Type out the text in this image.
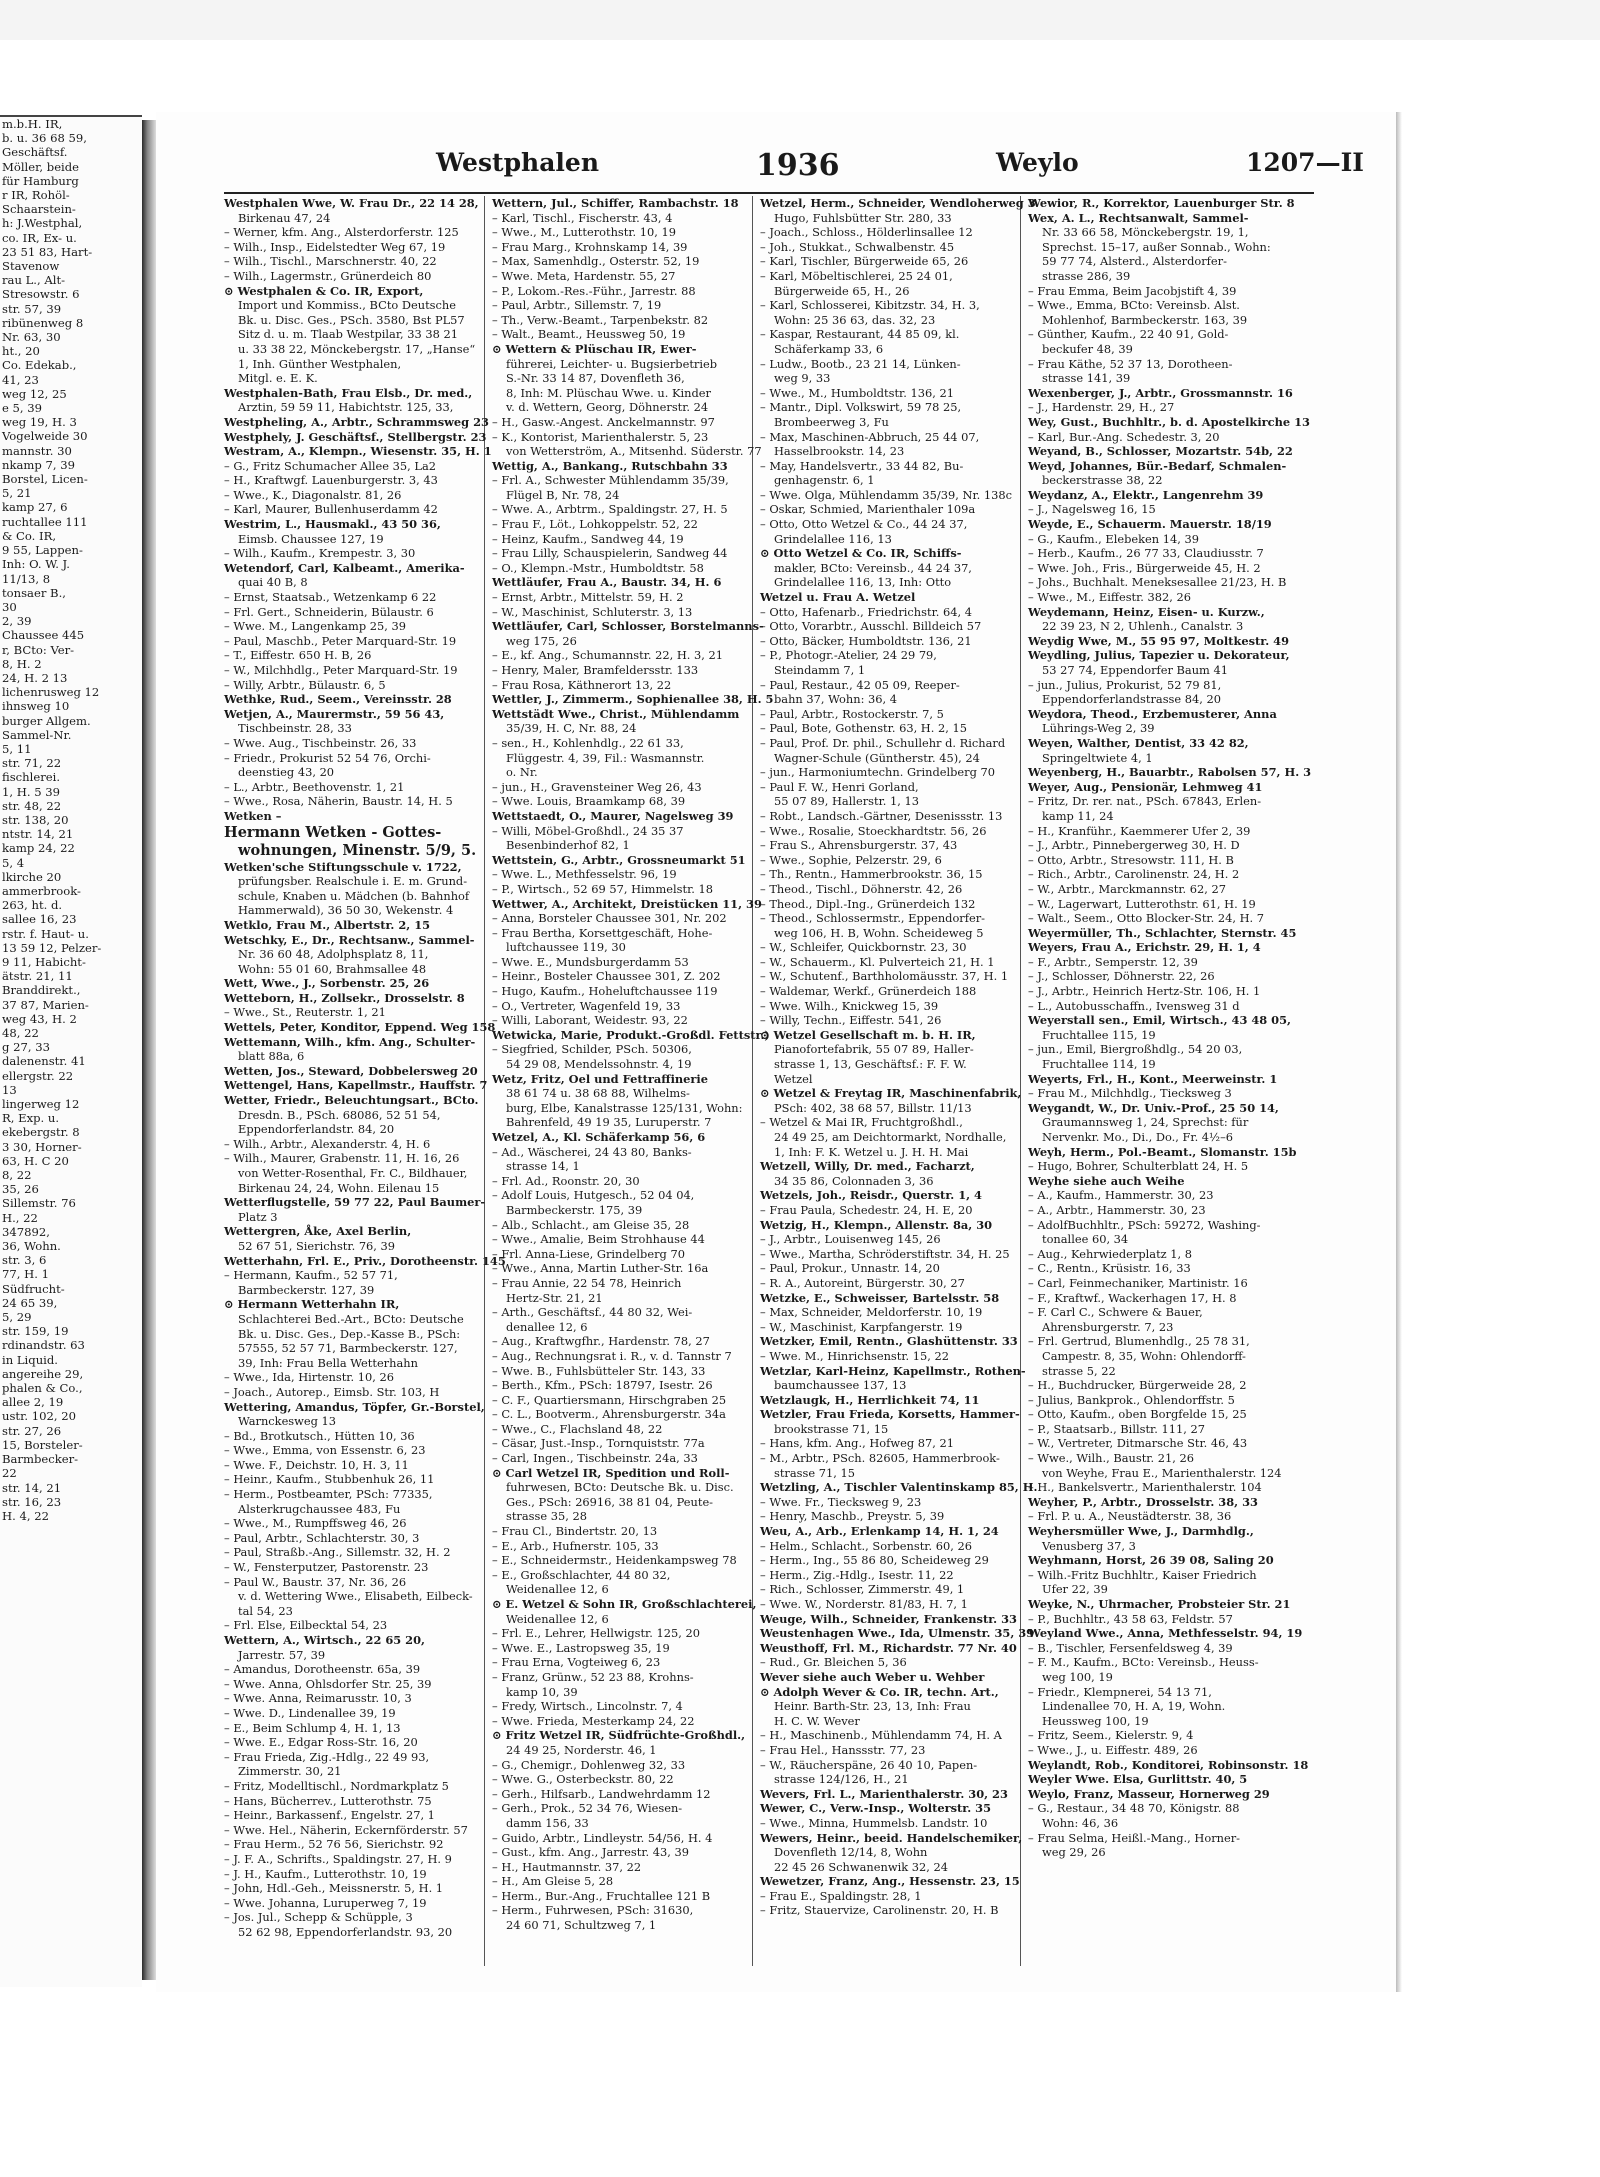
m.b.H. IR,
b. u. 36 68 59,
Geschäftsf.
Möller, beide
für Hamburg
r IR, Rohöl-
Schaarstein-
h: J.Westphal,
co. IR, Ex- u.
23 51 83, Hart-
Stavenow
rau L., Alt-
Stresowstr. 6
str. 57, 39
ribünenweg 8
Nr. 63, 30
ht., 20
Co. Edekab.,
41, 23
weg 12, 25
e 5, 39
weg 19, H. 3
Vogelweide 30
mannstr. 30
nkamp 7, 39
Borstel, Licen-
5, 21
kamp 27, 6
ruchtallee 111
& Co. IR,
9 55, Lappen-
Inh: O. W. J.
11/13, 8
tonsaer B.,
30
2, 39
Chaussee 445
r, BCto: Ver-
8, H. 2
24, H. 2 13
lichenrusweg 12
ihnsweg 10
burger Allgem.
Sammel-Nr.
5, 11
str. 71, 22
fischlerei.
1, H. 5 39
str. 48, 22
str. 138, 20
ntstr. 14, 21
kamp 24, 22
5, 4
lkirche 20
ammerbrook-
263, ht. d.
sallee 16, 23
rstr. f. Haut- u.
13 59 12, Pelzer-
9 11, Habicht-
ätstr. 21, 11
Branddirekt.,
37 87, Marien-
weg 43, H. 2
48, 22
g 27, 33
dalenenstr. 41
ellergstr. 22
13
lingerweg 12
R, Exp. u.
ekebergstr. 8
3 30, Horner-
63, H. C 20
8, 22
35, 26
Sillemstr. 76
H., 22
347892,
36, Wohn.
str. 3, 6
77, H. 1
Südfrucht-
24 65 39,
5, 29
str. 159, 19
rdinandstr. 63
in Liquid.
angereihe 29,
phalen & Co.,
allee 2, 19
ustr. 102, 20
str. 27, 26
15, Borsteler-
Barmbecker-
22
str. 14, 21
str. 16, 23
H. 4, 22
Westphalen	1936	Weylo	1207—II
Westphalen Wwe, W. Frau Dr., 22 14 28,
Birkenau 47, 24
– Werner, kfm. Ang., Alsterdorferstr. 125
– Wilh., Insp., Eidelstedter Weg 67, 19
– Wilh., Tischl., Marschnerstr. 40, 22
– Wilh., Lagermstr., Grünerdeich 80
⊙ Westphalen & Co. IR, Export,
Import und Kommiss., BCto Deutsche
Bk. u. Disc. Ges., PSch. 3580, Bst PL57
Sitz d. u. m. Tlaab Westpilar, 33 38 21
u. 33 38 22, Mönckebergstr. 17, „Hanse“
1, Inh. Günther Westphalen,
Mitgl. e. E. K.
Westphalen-Bath, Frau Elsb., Dr. med.,
Arztin, 59 59 11, Habichtstr. 125, 33,
Westpheling, A., Arbtr., Schrammsweg 23
Westphely, J. Geschäftsf., Stellbergstr. 23
Westram, A., Klempn., Wiesenstr. 35, H. 1
– G., Fritz Schumacher Allee 35, La2
– H., Kraftwgf. Lauenburgerstr. 3, 43
– Wwe., K., Diagonalstr. 81, 26
– Karl, Maurer, Bullenhuserdamm 42
Westrim, L., Hausmakl., 43 50 36,
Eimsb. Chaussee 127, 19
– Wilh., Kaufm., Krempestr. 3, 30
Wetendorf, Carl, Kalbeamt., Amerika-
quai 40 B, 8
– Ernst, Staatsab., Wetzenkamp 6 22
– Frl. Gert., Schneiderin, Bülaustr. 6
– Wwe. M., Langenkamp 25, 39
– Paul, Maschb., Peter Marquard-Str. 19
– T., Eiffestr. 650 H. B, 26
– W., Milchhdlg., Peter Marquard-Str. 19
– Willy, Arbtr., Bülaustr. 6, 5
Wethke, Rud., Seem., Vereinsstr. 28
Wetjen, A., Maurermstr., 59 56 43,
Tischbeinstr. 28, 33
– Wwe. Aug., Tischbeinstr. 26, 33
– Friedr., Prokurist 52 54 76, Orchi-
deenstieg 43, 20
– L., Arbtr., Beethovenstr. 1, 21
– Wwe., Rosa, Näherin, Baustr. 14, H. 5
Wetken –
Hermann Wetken - Gottes-
wohnungen, Minenstr. 5/9, 5.
Wetken'sche Stiftungsschule v. 1722,
prüfungsber. Realschule i. E. m. Grund-
schule, Knaben u. Mädchen (b. Bahnhof
Hammerwald), 36 50 30, Wekenstr. 4
Wetklo, Frau M., Albertstr. 2, 15
Wetschky, E., Dr., Rechtsanw., Sammel-
Nr. 36 60 48, Adolphsplatz 8, 11,
Wohn: 55 01 60, Brahmsallee 48
Wett, Wwe., J., Sorbenstr. 25, 26
Wetteborn, H., Zollsekr., Drosselstr. 8
– Wwe., St., Reuterstr. 1, 21
Wettels, Peter, Konditor, Eppend. Weg 158
Wettemann, Wilh., kfm. Ang., Schulter-
blatt 88a, 6
Wetten, Jos., Steward, Dobbelersweg 20
Wettengel, Hans, Kapellmstr., Hauffstr. 7
Wetter, Friedr., Beleuchtungsart., BCto.
Dresdn. B., PSch. 68086, 52 51 54,
Eppendorferlandstr. 84, 20
– Wilh., Arbtr., Alexanderstr. 4, H. 6
– Wilh., Maurer, Grabenstr. 11, H. 16, 26
von Wetter-Rosenthal, Fr. C., Bildhauer,
Birkenau 24, 24, Wohn. Eilenau 15
Wetterflugstelle, 59 77 22, Paul Baumer-
Platz 3
Wettergren, Åke, Axel Berlin,
52 67 51, Sierichstr. 76, 39
Wetterhahn, Frl. E., Priv., Dorotheenstr. 145
– Hermann, Kaufm., 52 57 71,
Barmbeckerstr. 127, 39
⊙ Hermann Wetterhahn IR,
Schlachterei Bed.-Art., BCto: Deutsche
Bk. u. Disc. Ges., Dep.-Kasse B., PSch:
57555, 52 57 71, Barmbeckerstr. 127,
39, Inh: Frau Bella Wetterhahn
– Wwe., Ida, Hirtenstr. 10, 26
– Joach., Autorep., Eimsb. Str. 103, H
Wettering, Amandus, Töpfer, Gr.-Borstel,
Warnckesweg 13
– Bd., Brotkutsch., Hütten 10, 36
– Wwe., Emma, von Essenstr. 6, 23
– Wwe. F., Deichstr. 10, H. 3, 11
– Heinr., Kaufm., Stubbenhuk 26, 11
– Herm., Postbeamter, PSch: 77335,
Alsterkrugchaussee 483, Fu
– Wwe., M., Rumpffsweg 46, 26
– Paul, Arbtr., Schlachterstr. 30, 3
– Paul, Straßb.-Ang., Sillemstr. 32, H. 2
– W., Fensterputzer, Pastorenstr. 23
– Paul W., Baustr. 37, Nr. 36, 26
v. d. Wettering Wwe., Elisabeth, Eilbeck-
tal 54, 23
– Frl. Else, Eilbecktal 54, 23
Wettern, A., Wirtsch., 22 65 20,
Jarrestr. 57, 39
– Amandus, Dorotheenstr. 65a, 39
– Wwe. Anna, Ohlsdorfer Str. 25, 39
– Wwe. Anna, Reimarusstr. 10, 3
– Wwe. D., Lindenallee 39, 19
– E., Beim Schlump 4, H. 1, 13
– Wwe. E., Edgar Ross-Str. 16, 20
– Frau Frieda, Zig.-Hdlg., 22 49 93,
Zimmerstr. 30, 21
– Fritz, Modelltischl., Nordmarkplatz 5
– Hans, Bücherrev., Lutterothstr. 75
– Heinr., Barkassenf., Engelstr. 27, 1
– Wwe. Hel., Näherin, Eckernförderstr. 57
– Frau Herm., 52 76 56, Sierichstr. 92
– J. F. A., Schrifts., Spaldingstr. 27, H. 9
– J. H., Kaufm., Lutterothstr. 10, 19
– John, Hdl.-Geh., Meissnerstr. 5, H. 1
– Wwe. Johanna, Luruperweg 7, 19
– Jos. Jul., Schepp & Schüpple, 3
52 62 98, Eppendorferlandstr. 93, 20
Wettern, Jul., Schiffer, Rambachstr. 18
– Karl, Tischl., Fischerstr. 43, 4
– Wwe., M., Lutterothstr. 10, 19
– Frau Marg., Krohnskamp 14, 39
– Max, Samenhdlg., Osterstr. 52, 19
– Wwe. Meta, Hardenstr. 55, 27
– P., Lokom.-Res.-Führ., Jarrestr. 88
– Paul, Arbtr., Sillemstr. 7, 19
– Th., Verw.-Beamt., Tarpenbekstr. 82
– Walt., Beamt., Heussweg 50, 19
⊙ Wettern & Plüschau IR, Ewer-
führerei, Leichter- u. Bugsierbetrieb
S.-Nr. 33 14 87, Dovenfleth 36,
8, Inh: M. Plüschau Wwe. u. Kinder
v. d. Wettern, Georg, Döhnerstr. 24
– H., Gasw.-Angest. Anckelmannstr. 97
– K., Kontorist, Marienthalerstr. 5, 23
von Wetterström, A., Mitsenhd. Süderstr. 77
Wettig, A., Bankang., Rutschbahn 33
– Frl. A., Schwester Mühlendamm 35/39,
Flügel B, Nr. 78, 24
– Wwe. A., Arbtrm., Spaldingstr. 27, H. 5
– Frau F., Löt., Lohkoppelstr. 52, 22
– Heinz, Kaufm., Sandweg 44, 19
– Frau Lilly, Schauspielerin, Sandweg 44
– O., Klempn.-Mstr., Humboldtstr. 58
Wettläufer, Frau A., Baustr. 34, H. 6
– Ernst, Arbtr., Mittelstr. 59, H. 2
– W., Maschinist, Schluterstr. 3, 13
Wettläufer, Carl, Schlosser, Borstelmanns-
weg 175, 26
– E., kf. Ang., Schumannstr. 22, H. 3, 21
– Henry, Maler, Bramfeldersstr. 133
– Frau Rosa, Käthnerort 13, 22
Wettler, J., Zimmerm., Sophienallee 38, H. 5
Wettstädt Wwe., Christ., Mühlendamm
35/39, H. C, Nr. 88, 24
– sen., H., Kohlenhdlg., 22 61 33,
Flüggestr. 4, 39, Fil.: Wasmannstr.
o. Nr.
– jun., H., Gravensteiner Weg 26, 43
– Wwe. Louis, Braamkamp 68, 39
Wettstaedt, O., Maurer, Nagelsweg 39
– Willi, Möbel-Großhdl., 24 35 37
Besenbinderhof 82, 1
Wettstein, G., Arbtr., Grossneumarkt 51
– Wwe. L., Methfesselstr. 96, 19
– P., Wirtsch., 52 69 57, Himmelstr. 18
Wettwer, A., Architekt, Dreistücken 11, 39
– Anna, Borsteler Chaussee 301, Nr. 202
– Frau Bertha, Korsettgeschäft, Hohe-
luftchaussee 119, 30
– Wwe. E., Mundsburgerdamm 53
– Heinr., Bosteler Chaussee 301, Z. 202
– Hugo, Kaufm., Hoheluftchaussee 119
– O., Vertreter, Wagenfeld 19, 33
– Willi, Laborant, Weidestr. 93, 22
Wetwicka, Marie, Produkt.-Großdl. Fettstr.)
– Siegfried, Schilder, PSch. 50306,
54 29 08, Mendelssohnstr. 4, 19
Wetz, Fritz, Oel und Fettraffinerie
38 61 74 u. 38 68 88, Wilhelms-
burg, Elbe, Kanalstrasse 125/131, Wohn:
Bahrenfeld, 49 19 35, Luruperstr. 7
Wetzel, A., Kl. Schäferkamp 56, 6
– Ad., Wäscherei, 24 43 80, Banks-
strasse 14, 1
– Frl. Ad., Roonstr. 20, 30
– Adolf Louis, Hutgesch., 52 04 04,
Barmbeckerstr. 175, 39
– Alb., Schlacht., am Gleise 35, 28
– Wwe., Amalie, Beim Strohhause 44
– Frl. Anna-Liese, Grindelberg 70
– Wwe., Anna, Martin Luther-Str. 16a
– Frau Annie, 22 54 78, Heinrich
Hertz-Str. 21, 21
– Arth., Geschäftsf., 44 80 32, Wei-
denallee 12, 6
– Aug., Kraftwgfhr., Hardenstr. 78, 27
– Aug., Rechnungsrat i. R., v. d. Tannstr 7
– Wwe. B., Fuhlsbütteler Str. 143, 33
– Berth., Kfm., PSch: 18797, Isestr. 26
– C. F., Quartiersmann, Hirschgraben 25
– C. L., Bootverm., Ahrensburgerstr. 34a
– Wwe., C., Flachsland 48, 22
– Cäsar, Just.-Insp., Tornquiststr. 77a
– Carl, Ingen., Tischbeinstr. 24a, 33
⊙ Carl Wetzel IR, Spedition und Roll-
fuhrwesen, BCto: Deutsche Bk. u. Disc.
Ges., PSch: 26916, 38 81 04, Peute-
strasse 35, 28
– Frau Cl., Bindertstr. 20, 13
– E., Arb., Hufnerstr. 105, 33
– E., Schneidermstr., Heidenkampsweg 78
– E., Großschlachter, 44 80 32,
Weidenallee 12, 6
⊙ E. Wetzel & Sohn IR, Großschlachterei,
Weidenallee 12, 6
– Frl. E., Lehrer, Hellwigstr. 125, 20
– Wwe. E., Lastropsweg 35, 19
– Frau Erna, Vogteiweg 6, 23
– Franz, Grünw., 52 23 88, Krohns-
kamp 10, 39
– Fredy, Wirtsch., Lincolnstr. 7, 4
– Wwe. Frieda, Mesterkamp 24, 22
⊙ Fritz Wetzel IR, Südfrüchte-Großhdl.,
24 49 25, Norderstr. 46, 1
– G., Chemigr., Dohlenweg 32, 33
– Wwe. G., Osterbeckstr. 80, 22
– Gerh., Hilfsarb., Landwehrdamm 12
– Gerh., Prok., 52 34 76, Wiesen-
damm 156, 33
– Guido, Arbtr., Lindleystr. 54/56, H. 4
– Gust., kfm. Ang., Jarrestr. 43, 39
– H., Hautmannstr. 37, 22
– H., Am Gleise 5, 28
– Herm., Bur.-Ang., Fruchtallee 121 B
– Herm., Fuhrwesen, PSch: 31630,
24 60 71, Schultzweg 7, 1
Wetzel, Herm., Schneider, Wendloherweg 3
Hugo, Fuhlsbütter Str. 280, 33
– Joach., Schloss., Hölderlinsallee 12
– Joh., Stukkat., Schwalbenstr. 45
– Karl, Tischler, Bürgerweide 65, 26
– Karl, Möbeltischlerei, 25 24 01,
Bürgerweide 65, H., 26
– Karl, Schlosserei, Kibitzstr. 34, H. 3,
Wohn: 25 36 63, das. 32, 23
– Kaspar, Restaurant, 44 85 09, kl.
Schäferkamp 33, 6
– Ludw., Bootb., 23 21 14, Lünken-
weg 9, 33
– Wwe., M., Humboldtstr. 136, 21
– Mantr., Dipl. Volkswirt, 59 78 25,
Brombeerweg 3, Fu
– Max, Maschinen-Abbruch, 25 44 07,
Hasselbrookstr. 14, 23
– May, Handelsvertr., 33 44 82, Bu-
genhagenstr. 6, 1
– Wwe. Olga, Mühlendamm 35/39, Nr. 138c
– Oskar, Schmied, Marienthaler 109a
– Otto, Otto Wetzel & Co., 44 24 37,
Grindelallee 116, 13
⊙ Otto Wetzel & Co. IR, Schiffs-
makler, BCto: Vereinsb., 44 24 37,
Grindelallee 116, 13, Inh: Otto
Wetzel u. Frau A. Wetzel
– Otto, Hafenarb., Friedrichstr. 64, 4
– Otto, Vorarbtr., Ausschl. Billdeich 57
– Otto, Bäcker, Humboldtstr. 136, 21
– P., Photogr.-Atelier, 24 29 79,
Steindamm 7, 1
– Paul, Restaur., 42 05 09, Reeper-
bahn 37, Wohn: 36, 4
– Paul, Arbtr., Rostockerstr. 7, 5
– Paul, Bote, Gothenstr. 63, H. 2, 15
– Paul, Prof. Dr. phil., Schullehr d. Richard
Wagner-Schule (Güntherstr. 45), 24
– jun., Harmoniumtechn. Grindelberg 70
– Paul F. W., Henri Gorland,
55 07 89, Hallerstr. 1, 13
– Robt., Landsch.-Gärtner, Desenissstr. 13
– Wwe., Rosalie, Stoeckhardtstr. 56, 26
– Frau S., Ahrensburgerstr. 37, 43
– Wwe., Sophie, Pelzerstr. 29, 6
– Th., Rentn., Hammerbrookstr. 36, 15
– Theod., Tischl., Döhnerstr. 42, 26
– Theod., Dipl.-Ing., Grünerdeich 132
– Theod., Schlossermstr., Eppendorfer-
weg 106, H. B, Wohn. Scheideweg 5
– W., Schleifer, Quickbornstr. 23, 30
– W., Schauerm., Kl. Pulverteich 21, H. 1
– W., Schutenf., Barthholomäusstr. 37, H. 1
– Waldemar, Werkf., Grünerdeich 188
– Wwe. Wilh., Knickweg 15, 39
– Willy, Techn., Eiffestr. 541, 26
⊙ Wetzel Gesellschaft m. b. H. IR,
Pianofortefabrik, 55 07 89, Haller-
strasse 1, 13, Geschäftsf.: F. F. W.
Wetzel
⊙ Wetzel & Freytag IR, Maschinenfabrik,
PSch: 402, 38 68 57, Billstr. 11/13
– Wetzel & Mai IR, Fruchtgroßhdl.,
24 49 25, am Deichtormarkt, Nordhalle,
1, Inh: F. K. Wetzel u. J. H. H. Mai
Wetzell, Willy, Dr. med., Facharzt,
34 35 86, Colonnaden 3, 36
Wetzels, Joh., Reisdr., Querstr. 1, 4
– Frau Paula, Schedestr. 24, H. E, 20
Wetzig, H., Klempn., Allenstr. 8a, 30
– J., Arbtr., Louisenweg 145, 26
– Wwe., Martha, Schröderstiftstr. 34, H. 25
– Paul, Prokur., Unnastr. 14, 20
– R. A., Autoreint, Bürgerstr. 30, 27
Wetzke, E., Schweisser, Bartelsstr. 58
– Max, Schneider, Meldorferstr. 10, 19
– W., Maschinist, Karpfangerstr. 19
Wetzker, Emil, Rentn., Glashüttenstr. 33
– Wwe. M., Hinrichsenstr. 15, 22
Wetzlar, Karl-Heinz, Kapellmstr., Rothen-
baumchaussee 137, 13
Wetzlaugk, H., Herrlichkeit 74, 11
Wetzler, Frau Frieda, Korsetts, Hammer-
brookstrasse 71, 15
– Hans, kfm. Ang., Hofweg 87, 21
– M., Arbtr., PSch. 82605, Hammerbrook-
strasse 71, 15
Wetzling, A., Tischler Valentinskamp 85, H.
– Wwe. Fr., Tiecksweg 9, 23
– Henry, Maschb., Preystr. 5, 39
Weu, A., Arb., Erlenkamp 14, H. 1, 24
– Helm., Schlacht., Sorbenstr. 60, 26
– Herm., Ing., 55 86 80, Scheideweg 29
– Herm., Zig.-Hdlg., Isestr. 11, 22
– Rich., Schlosser, Zimmerstr. 49, 1
– Wwe. W., Norderstr. 81/83, H. 7, 1
Weuge, Wilh., Schneider, Frankenstr. 33
Weustenhagen Wwe., Ida, Ulmenstr. 35, 39
Weusthoff, Frl. M., Richardstr. 77 Nr. 40
– Rud., Gr. Bleichen 5, 36
Wever siehe auch Weber u. Wehber
⊙ Adolph Wever & Co. IR, techn. Art.,
Heinr. Barth-Str. 23, 13, Inh: Frau
H. C. W. Wever
– H., Maschinenb., Mühlendamm 74, H. A
– Frau Hel., Hanssstr. 77, 23
– W., Räucherspäne, 26 40 10, Papen-
strasse 124/126, H., 21
Wevers, Frl. L., Marienthalerstr. 30, 23
Wewer, C., Verw.-Insp., Wolterstr. 35
– Wwe., Minna, Hummelsb. Landstr. 10
Wewers, Heinr., beeid. Handelschemiker,
Dovenfleth 12/14, 8, Wohn
22 45 26 Schwanenwik 32, 24
Wewetzer, Franz, Ang., Hessenstr. 23, 15
– Frau E., Spaldingstr. 28, 1
– Fritz, Stauervize, Carolinenstr. 20, H. B
Wewior, R., Korrektor, Lauenburger Str. 8
Wex, A. L., Rechtsanwalt, Sammel-
Nr. 33 66 58, Mönckebergstr. 19, 1,
Sprechst. 15–17, außer Sonnab., Wohn:
59 77 74, Alsterd., Alsterdorfer-
strasse 286, 39
– Frau Emma, Beim Jacobjstift 4, 39
– Wwe., Emma, BCto: Vereinsb. Alst.
Mohlenhof, Barmbeckerstr. 163, 39
– Günther, Kaufm., 22 40 91, Gold-
beckufer 48, 39
– Frau Käthe, 52 37 13, Dorotheen-
strasse 141, 39
Wexenberger, J., Arbtr., Grossmannstr. 16
– J., Hardenstr. 29, H., 27
Wey, Gust., Buchhltr., b. d. Apostelkirche 13
– Karl, Bur.-Ang. Schedestr. 3, 20
Weyand, B., Schlosser, Mozartstr. 54b, 22
Weyd, Johannes, Bür.-Bedarf, Schmalen-
beckerstrasse 38, 22
Weydanz, A., Elektr., Langenrehm 39
– J., Nagelsweg 16, 15
Weyde, E., Schauerm. Mauerstr. 18/19
– G., Kaufm., Elebeken 14, 39
– Herb., Kaufm., 26 77 33, Claudiusstr. 7
– Wwe. Joh., Fris., Bürgerweide 45, H. 2
– Johs., Buchhalt. Meneksesallee 21/23, H. B
– Wwe., M., Eiffestr. 382, 26
Weydemann, Heinz, Eisen- u. Kurzw.,
22 39 23, N 2, Uhlenh., Canalstr. 3
Weydig Wwe, M., 55 95 97, Moltkestr. 49
Weydling, Julius, Tapezier u. Dekorateur,
53 27 74, Eppendorfer Baum 41
– jun., Julius, Prokurist, 52 79 81,
Eppendorferlandstrasse 84, 20
Weydora, Theod., Erzbemusterer, Anna
Lührings-Weg 2, 39
Weyen, Walther, Dentist, 33 42 82,
Springeltwiete 4, 1
Weyenberg, H., Bauarbtr., Rabolsen 57, H. 3
Weyer, Aug., Pensionär, Lehmweg 41
– Fritz, Dr. rer. nat., PSch. 67843, Erlen-
kamp 11, 24
– H., Kranführ., Kaemmerer Ufer 2, 39
– J., Arbtr., Pinnebergerweg 30, H. D
– Otto, Arbtr., Stresowstr. 111, H. B
– Rich., Arbtr., Carolinenstr. 24, H. 2
– W., Arbtr., Marckmannstr. 62, 27
– W., Lagerwart, Lutterothstr. 61, H. 19
– Walt., Seem., Otto Blocker-Str. 24, H. 7
Weyermüller, Th., Schlachter, Sternstr. 45
Weyers, Frau A., Erichstr. 29, H. 1, 4
– F., Arbtr., Semperstr. 12, 39
– J., Schlosser, Döhnerstr. 22, 26
– J., Arbtr., Heinrich Hertz-Str. 106, H. 1
– L., Autobusschaffn., Ivensweg 31 d
Weyerstall sen., Emil, Wirtsch., 43 48 05,
Fruchtallee 115, 19
– jun., Emil, Biergroßhdlg., 54 20 03,
Fruchtallee 114, 19
Weyerts, Frl., H., Kont., Meerweinstr. 1
– Frau M., Milchhdlg., Tiecksweg 3
Weygandt, W., Dr. Univ.-Prof., 25 50 14,
Graumannsweg 1, 24, Sprechst: für
Nervenkr. Mo., Di., Do., Fr. 4½–6
Weyh, Herm., Pol.-Beamt., Slomanstr. 15b
– Hugo, Bohrer, Schulterblatt 24, H. 5
Weyhe siehe auch Weihe
– A., Kaufm., Hammerstr. 30, 23
– A., Arbtr., Hammerstr. 30, 23
– AdolfBuchhltr., PSch: 59272, Washing-
tonallee 60, 34
– Aug., Kehrwiederplatz 1, 8
– C., Rentn., Krüsistr. 16, 33
– Carl, Feinmechaniker, Martinistr. 16
– F., Kraftwf., Wackerhagen 17, H. 8
– F. Carl C., Schwere & Bauer,
Ahrensburgerstr. 7, 23
– Frl. Gertrud, Blumenhdlg., 25 78 31,
Campestr. 8, 35, Wohn: Ohlendorff-
strasse 5, 22
– H., Buchdrucker, Bürgerweide 28, 2
– Julius, Bankprok., Ohlendorffstr. 5
– Otto, Kaufm., oben Borgfelde 15, 25
– P., Staatsarb., Billstr. 111, 27
– W., Vertreter, Ditmarsche Str. 46, 43
– Wwe., Wilh., Baustr. 21, 26
von Weyhe, Frau E., Marienthalerstr. 124
– H., Bankelsvertr., Marienthalerstr. 104
Weyher, P., Arbtr., Drosselstr. 38, 33
– Frl. P. u. A., Neustädterstr. 38, 36
Weyhersmüller Wwe, J., Darmhdlg.,
Venusberg 37, 3
Weyhmann, Horst, 26 39 08, Saling 20
– Wilh.-Fritz Buchhltr., Kaiser Friedrich
Ufer 22, 39
Weyke, N., Uhrmacher, Probsteier Str. 21
– P., Buchhltr., 43 58 63, Feldstr. 57
Weyland Wwe., Anna, Methfesselstr. 94, 19
– B., Tischler, Fersenfeldsweg 4, 39
– F. M., Kaufm., BCto: Vereinsb., Heuss-
weg 100, 19
– Friedr., Klempnerei, 54 13 71,
Lindenallee 70, H. A, 19, Wohn.
Heussweg 100, 19
– Fritz, Seem., Kielerstr. 9, 4
– Wwe., J., u. Eiffestr. 489, 26
Weylandt, Rob., Konditorei, Robinsonstr. 18
Weyler Wwe. Elsa, Gurlittstr. 40, 5
Weylo, Franz, Masseur, Hornerweg 29
– G., Restaur., 34 48 70, Königstr. 88
Wohn: 46, 36
– Frau Selma, Heißl.-Mang., Horner-
weg 29, 26
